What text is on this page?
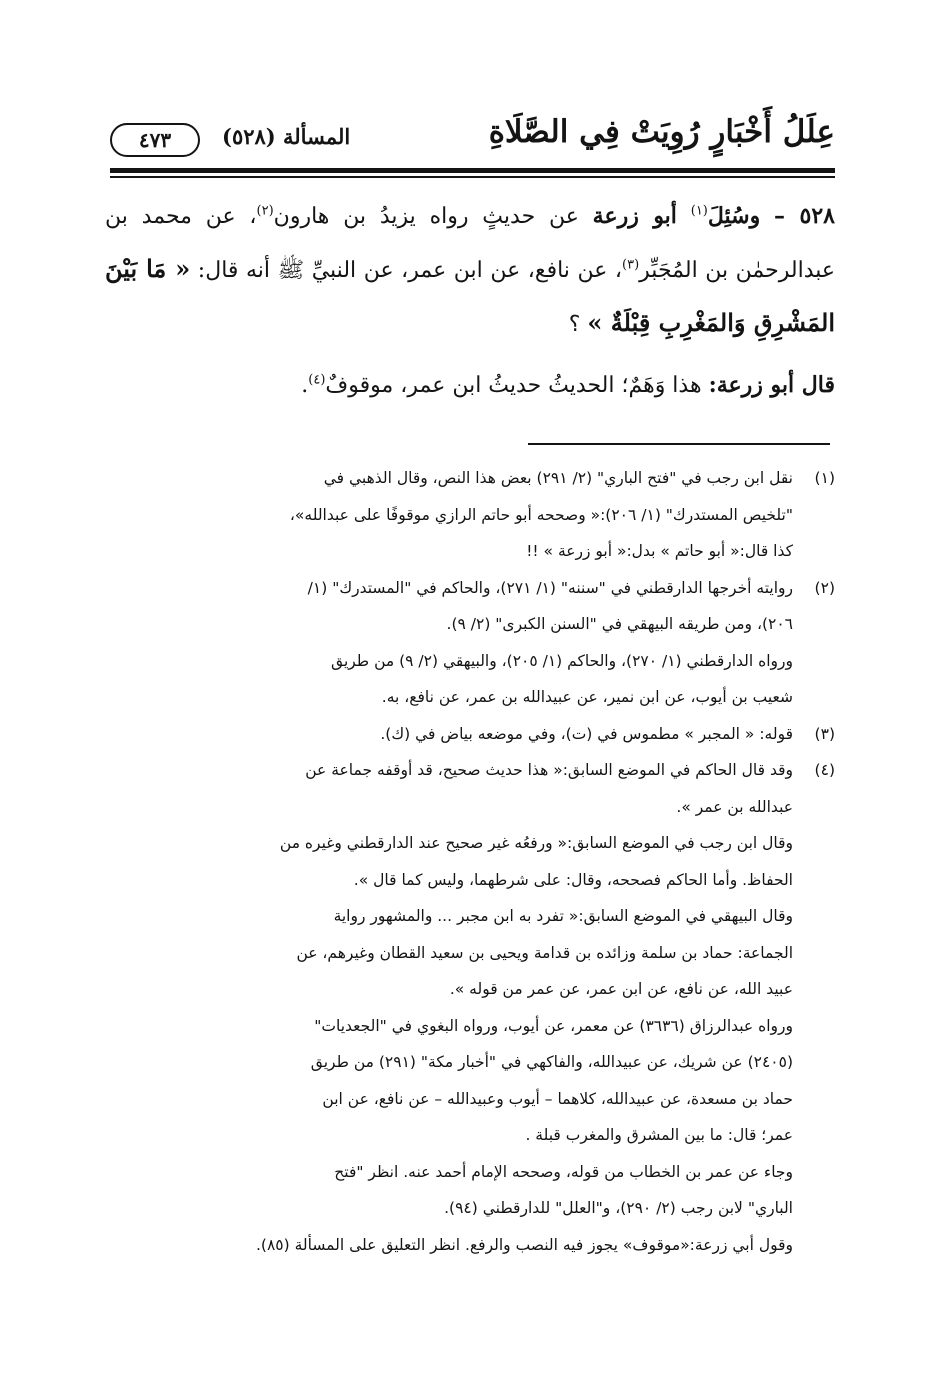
عِلَلُ أَخْبَارٍ رُوِيَتْ فِي الصَّلَاةِ
المسألة (٥٢٨)
٤٧٣

٥٢٨ – وسُئِلَ$^{(١)}$ أبو زرعة عن حديثٍ رواه يزيدُ بن هارون$^{(٢)}$، عن محمد بن عبدالرحمٰن بن المُجَبِّر$^{(٣)}$، عن نافع، عن ابن عمر، عن النبيِّ ﷺ أنه قال: « مَا بَيْنَ المَشْرِقِ وَالمَغْرِبِ قِبْلَةٌ » ؟

قال أبو زرعة: هذا وَهَمٌ؛ الحديثُ حديثُ ابن عمر، موقوفٌ$^{(٤)}$.

(١)

نقل ابن رجب في "فتح الباري" (٢/ ٢٩١) بعض هذا النص، وقال الذهبي في

"تلخيص المستدرك" (١/ ٢٠٦):« وصححه أبو حاتم الرازي موقوفًا على عبدالله»،

كذا قال:« أبو حاتم » بدل:« أبو زرعة » !!

(٢)

روايته أخرجها الدارقطني في "سننه" (١/ ٢٧١)، والحاكم في "المستدرك" (١/

٢٠٦)، ومن طريقه البيهقي في "السنن الكبرى" (٢/ ٩).

ورواه الدارقطني (١/ ٢٧٠)، والحاكم (١/ ٢٠٥)، والبيهقي (٢/ ٩) من طريق

شعيب بن أيوب، عن ابن نمير، عن عبيدالله بن عمر، عن نافع، به.

(٣)

قوله: « المجبر » مطموس في (ت)، وفي موضعه بياض في (ك).

(٤)

وقد قال الحاكم في الموضع السابق:« هذا حديث صحيح، قد أوقفه جماعة عن

عبدالله بن عمر ».

وقال ابن رجب في الموضع السابق:« ورفعُه غير صحيح عند الدارقطني وغيره من

الحفاظ. وأما الحاكم فصححه، وقال: على شرطهما، وليس كما قال ».

وقال البيهقي في الموضع السابق:« تفرد به ابن مجبر ... والمشهور رواية

الجماعة: حماد بن سلمة وزائده بن قدامة ويحيى بن سعيد القطان وغيرهم، عن

عبيد الله، عن نافع، عن ابن عمر، عن عمر من قوله ».

ورواه عبدالرزاق (٣٦٣٦) عن معمر، عن أيوب، ورواه البغوي في "الجعديات"

(٢٤٠٥) عن شريك، عن عبيدالله، والفاكهي في "أخبار مكة" (٢٩١) من طريق

حماد بن مسعدة، عن عبيدالله، كلاهما – أيوب وعبيدالله – عن نافع، عن ابن

عمر؛ قال: ما بين المشرق والمغرب قبلة .

وجاء عن عمر بن الخطاب من قوله، وصححه الإمام أحمد عنه. انظر "فتح

الباري" لابن رجب (٢/ ٢٩٠)، و"العلل" للدارقطني (٩٤).

وقول أبي زرعة:«موقوف» يجوز فيه النصب والرفع. انظر التعليق على المسألة (٨٥).
